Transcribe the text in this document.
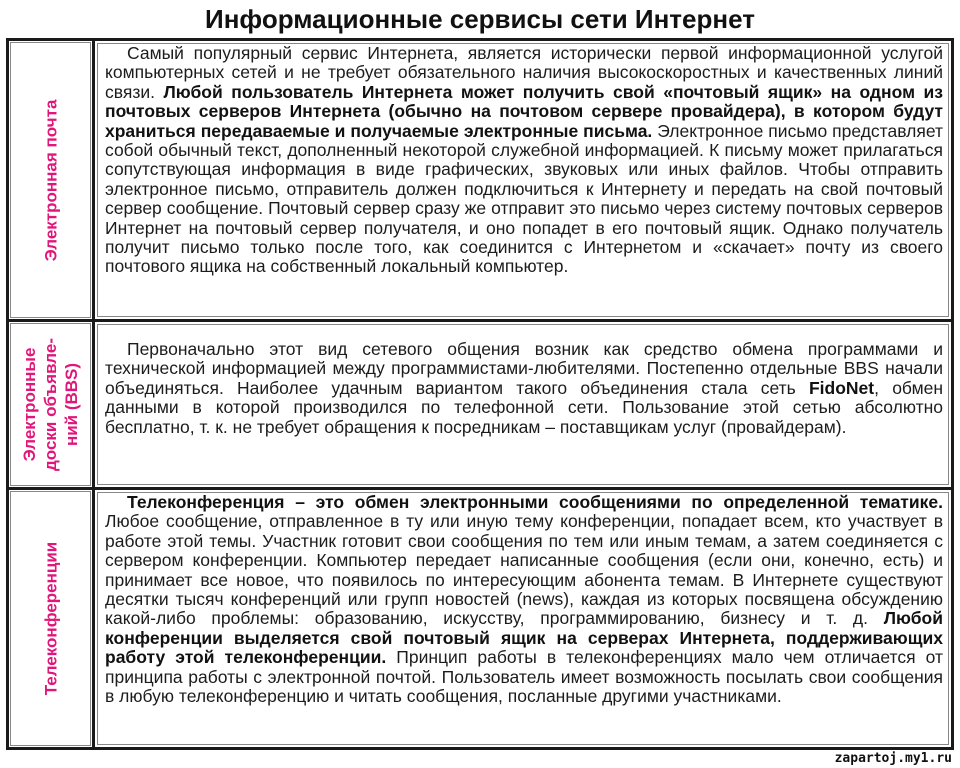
Информационные сервисы сети Интернет
Электронная почта

Самый популярный сервис Интернета, является исторически первой информационной услугой компьютерных сетей и не требует обязательного наличия высокоскоростных и качественных линий связи. Любой пользователь Интернета может получить свой «почтовый ящик» на одном из почтовых серверов Интернета (обычно на почтовом сервере провайдера), в котором будут храниться передаваемые и получаемые электронные письма. Электронное письмо представляет собой обычный текст, дополненный некоторой служебной информацией. К письму может прилагаться сопутствующая информация в виде графических, звуковых или иных файлов. Чтобы отправить электронное письмо, отправитель должен подключиться к Интернету и передать на свой почтовый сервер сообщение. Почтовый сервер сразу же отправит это письмо через систему почтовых серверов Интернет на почтовый сервер получателя, и оно попадет в его почтовый ящик. Однако получатель получит письмо только после того, как соединится с Интернетом и «скачает» почту из своего почтового ящика на собственный локальный компьютер.

Электронные доски объявле- ний (BBS)

Первоначально этот вид сетевого общения возник как средство обмена программами и технической информацией между программистами-любителями. Постепенно отдельные BBS начали объединяться. Наиболее удачным вариантом такого объединения стала сеть FidoNet, обмен данными в которой производился по телефонной сети. Пользование этой сетью абсолютно бесплатно, т. к. не требует обращения к посредникам – поставщикам услуг (провайдерам).

Телеконференции

Телеконференция – это обмен электронными сообщениями по определенной тематике. Любое сообщение, отправленное в ту или иную тему конференции, попадает всем, кто участвует в работе этой темы. Участник готовит свои сообщения по тем или иным темам, а затем соединяется с сервером конференции. Компьютер передает написанные сообщения (если они, конечно, есть) и принимает все новое, что появилось по интересующим абонента темам. В Интернете существуют десятки тысяч конференций или групп новостей (news), каждая из которых посвящена обсуждению какой-либо проблемы: образованию, искусству, программированию, бизнесу и т. д. Любой конференции выделяется свой почтовый ящик на серверах Интернета, поддерживающих работу этой телеконференции. Принцип работы в телеконференциях мало чем отличается от принципа работы с электронной почтой. Пользователь имеет возможность посылать свои сообщения в любую телеконференцию и читать сообщения, посланные другими участниками.

zapartoj.my1.ru
